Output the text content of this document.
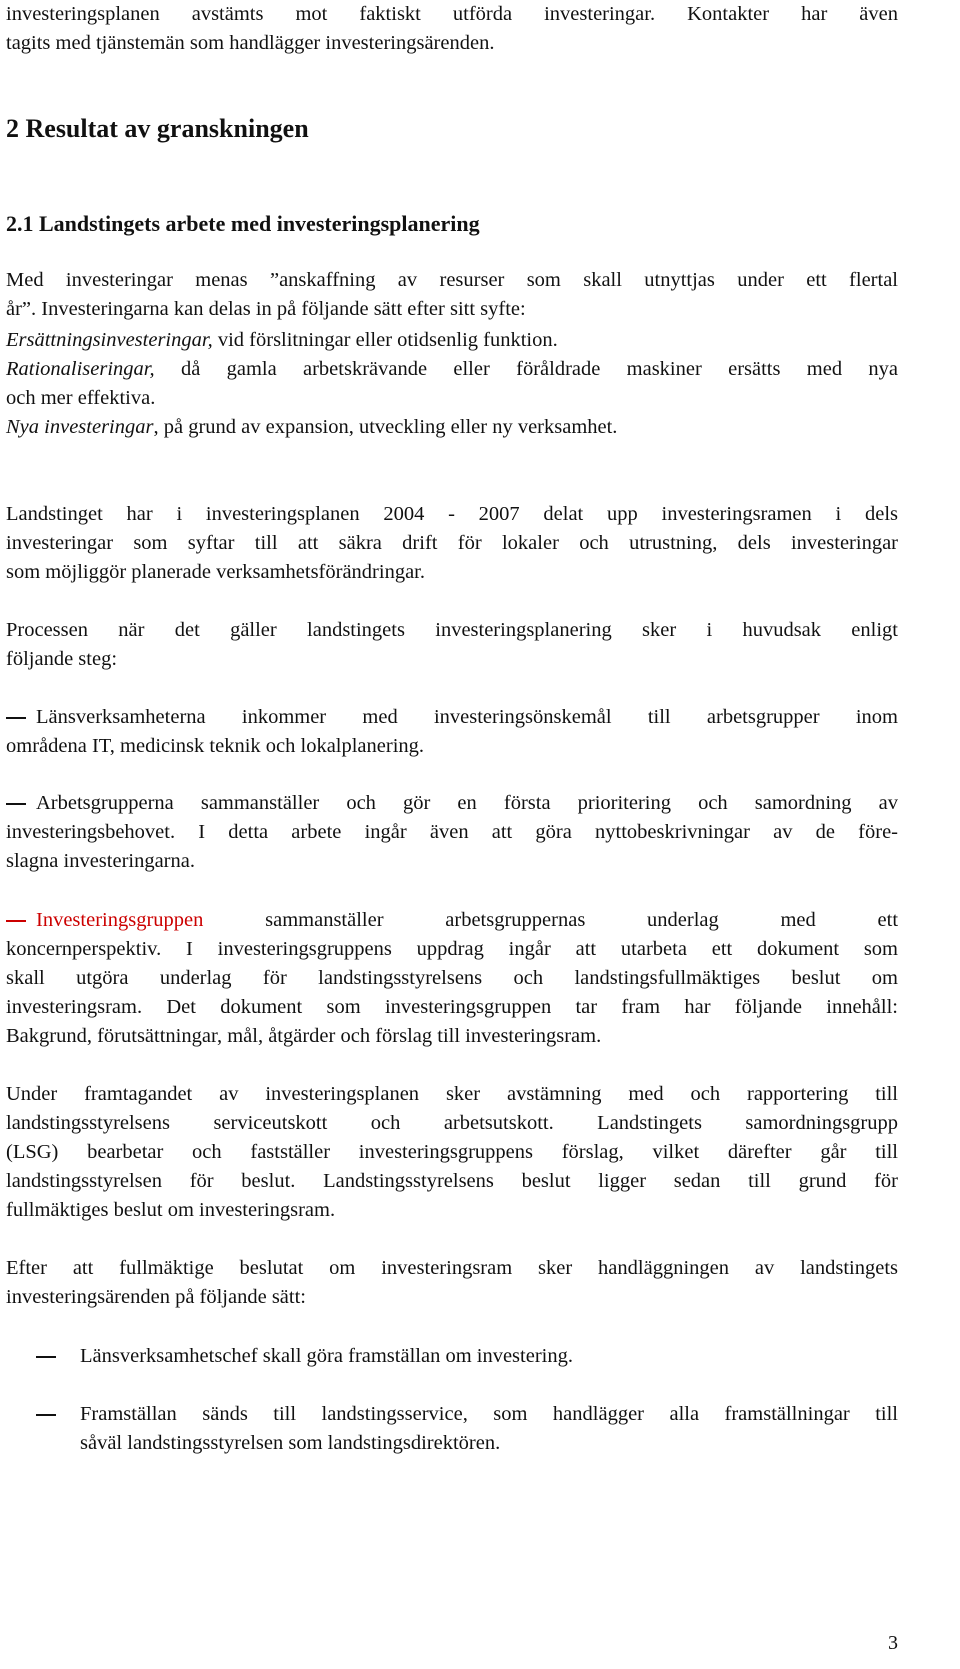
investeringsplanen avstämts mot faktiskt utförda investeringar. Kontakter har även
tagits med tjänstemän som handlägger investeringsärenden.
2 Resultat av granskningen
2.1 Landstingets arbete med investeringsplanering
Med investeringar menas ”anskaffning av resurser som skall utnyttjas under ett flertal
år”. Investeringarna kan delas in på följande sätt efter sitt syfte:
Ersättningsinvesteringar, vid förslitningar eller otidsenlig funktion.
Rationaliseringar, då gamla arbetskrävande eller föråldrade maskiner ersätts med nya
och mer effektiva.
Nya investeringar, på grund av expansion, utveckling eller ny verksamhet.
Landstinget har i investeringsplanen 2004 - 2007 delat upp investeringsramen i dels
investeringar som syftar till att säkra drift för lokaler och utrustning, dels investeringar
som möjliggör planerade verksamhetsförändringar.
Processen när det gäller landstingets investeringsplanering sker i huvudsak enligt
följande steg:
Länsverksamheterna inkommer med investeringsönskemål till arbetsgrupper inom
områdena IT, medicinsk teknik och lokalplanering.
Arbetsgrupperna sammanställer och gör en första prioritering och samordning av
investeringsbehovet. I detta arbete ingår även att göra nyttobeskrivningar av de före-
slagna investeringarna.
Investeringsgruppen	sammanställer arbetsgruppernas underlag med ett
koncernperspektiv. I investeringsgruppens uppdrag ingår att utarbeta ett dokument som
skall utgöra underlag för landstingsstyrelsens och landstingsfullmäktiges beslut om
investeringsram. Det dokument som investeringsgruppen tar fram har följande innehåll:
Bakgrund, förutsättningar, mål, åtgärder och förslag till investeringsram.
Under framtagandet av investeringsplanen sker avstämning med och rapportering till
landstingsstyrelsens serviceutskott och arbetsutskott. Landstingets samordningsgrupp
(LSG) bearbetar och fastställer investeringsgruppens förslag, vilket därefter går till
landstingsstyrelsen för beslut. Landstingsstyrelsens beslut ligger sedan till grund för
fullmäktiges beslut om investeringsram.
Efter att fullmäktige beslutat om investeringsram sker handläggningen av landstingets
investeringsärenden på följande sätt:
Länsverksamhetschef skall göra framställan om investering.
Framställan sänds till landstingsservice, som handlägger alla framställningar till
såväl landstingsstyrelsen som landstingsdirektören.
3
